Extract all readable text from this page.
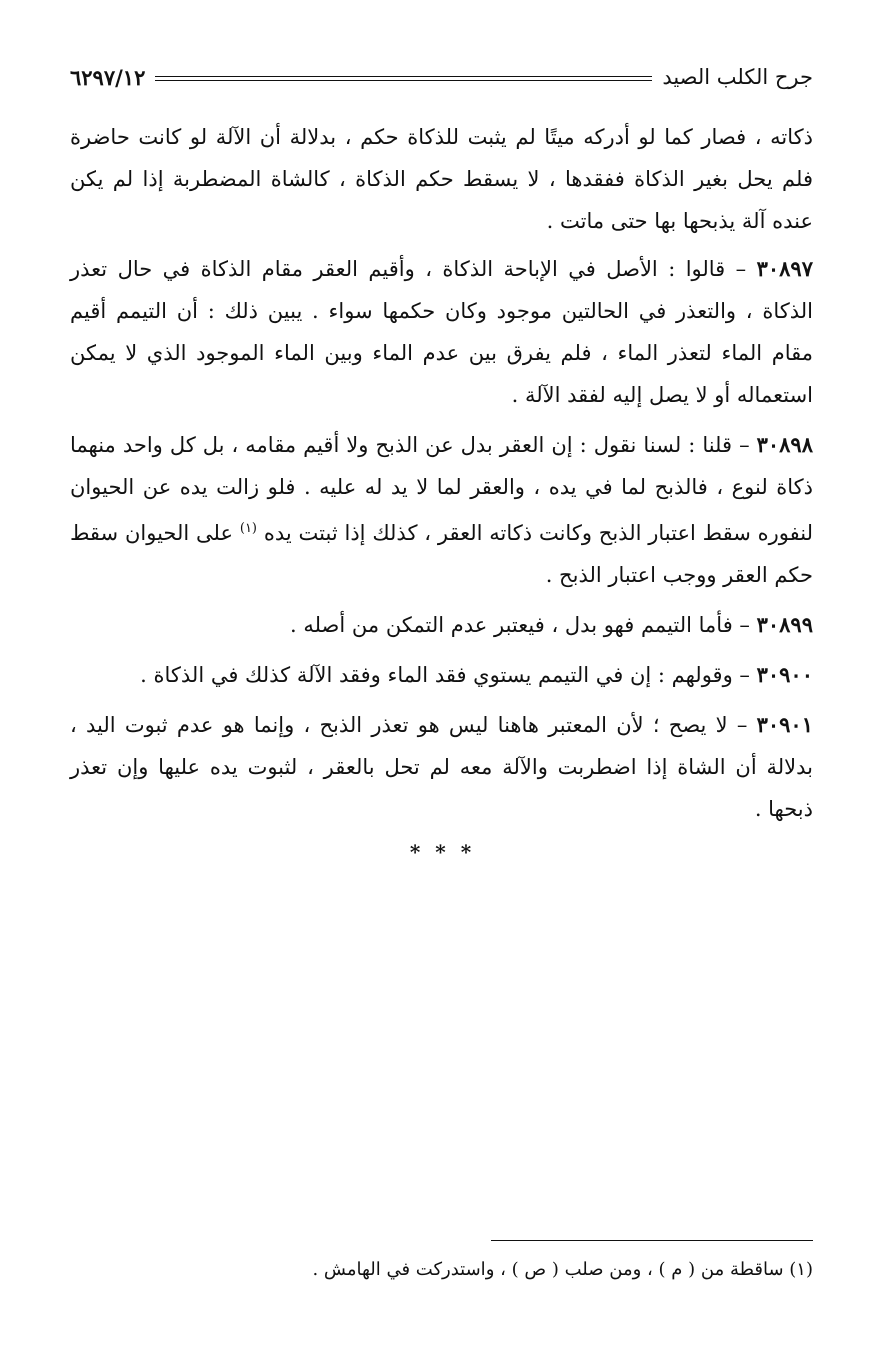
جرح الكلب الصيد
٦٢٩٧/١٢

ذكاته ، فصار كما لو أدركه ميتًا لم يثبت للذكاة حكم ، بدلالة أن الآلة لو كانت حاضرة فلم يحل بغير الذكاة ففقدها ، لا يسقط حكم الذكاة ، كالشاة المضطربة إذا لم يكن عنده آلة يذبحها بها حتى ماتت .

٣٠٨٩٧ – قالوا : الأصل في الإباحة الذكاة ، وأقيم العقر مقام الذكاة في حال تعذر الذكاة ، والتعذر في الحالتين موجود وكان حكمها سواء . يبين ذلك : أن التيمم أقيم مقام الماء لتعذر الماء ، فلم يفرق بين عدم الماء وبين الماء الموجود الذي لا يمكن استعماله أو لا يصل إليه لفقد الآلة .

٣٠٨٩٨ – قلنا : لسنا نقول : إن العقر بدل عن الذبح ولا أقيم مقامه ، بل كل واحد منهما ذكاة لنوع ، فالذبح لما في يده ، والعقر لما لا يد له عليه . فلو زالت يده عن الحيوان لنفوره سقط اعتبار الذبح وكانت ذكاته العقر ، كذلك إذا ثبتت يده $^{(١)}$ على الحيوان سقط حكم العقر ووجب اعتبار الذبح .

٣٠٨٩٩ – فأما التيمم فهو بدل ، فيعتبر عدم التمكن من أصله .

٣٠٩٠٠ – وقولهم : إن في التيمم يستوي فقد الماء وفقد الآلة كذلك في الذكاة .

٣٠٩٠١ – لا يصح ؛ لأن المعتبر هاهنا ليس هو تعذر الذبح ، وإنما هو عدم ثبوت اليد ، بدلالة أن الشاة إذا اضطربت والآلة معه لم تحل بالعقر ، لثبوت يده عليها وإن تعذر ذبحها .

* * *
(١) ساقطة من ( م ) ، ومن صلب ( ص ) ، واستدركت في الهامش .
